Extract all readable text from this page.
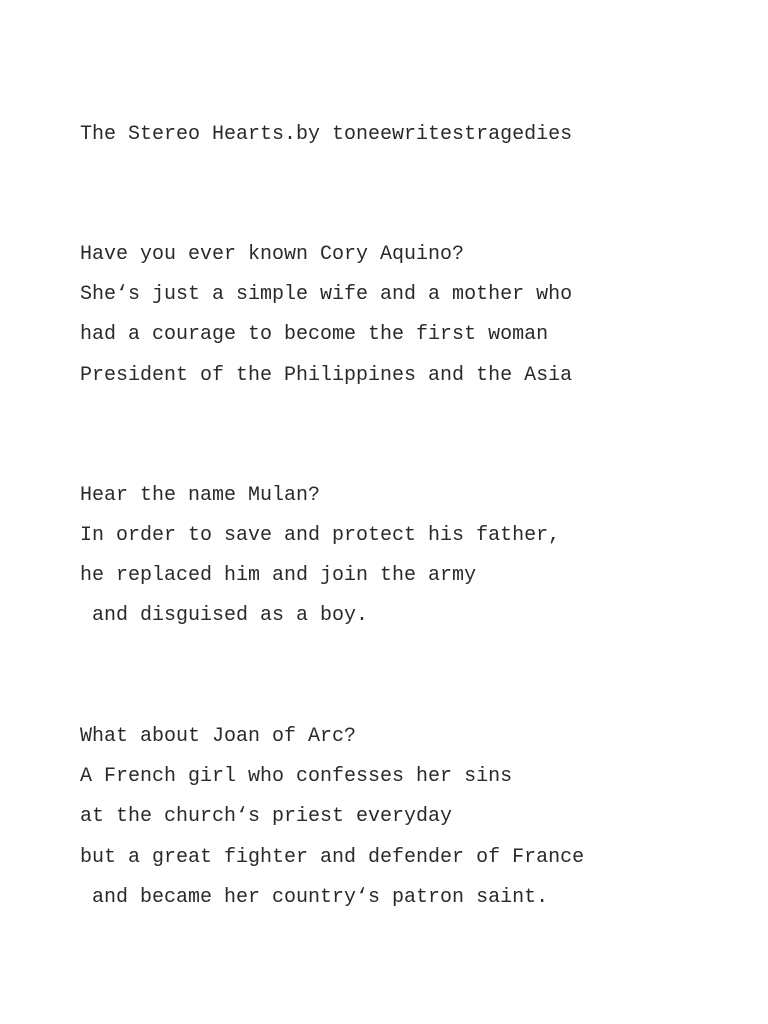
The Stereo Hearts.by toneewritestragedies
Have you ever known Cory Aquino?
She‘s just a simple wife and a mother who
had a courage to become the first woman
President of the Philippines and the Asia
Hear the name Mulan?
In order to save and protect his father,
he replaced him and join the army
and disguised as a boy.
What about Joan of Arc?
A French girl who confesses her sins
at the church‘s priest everyday
but a great fighter and defender of France
and became her country‘s patron saint.
